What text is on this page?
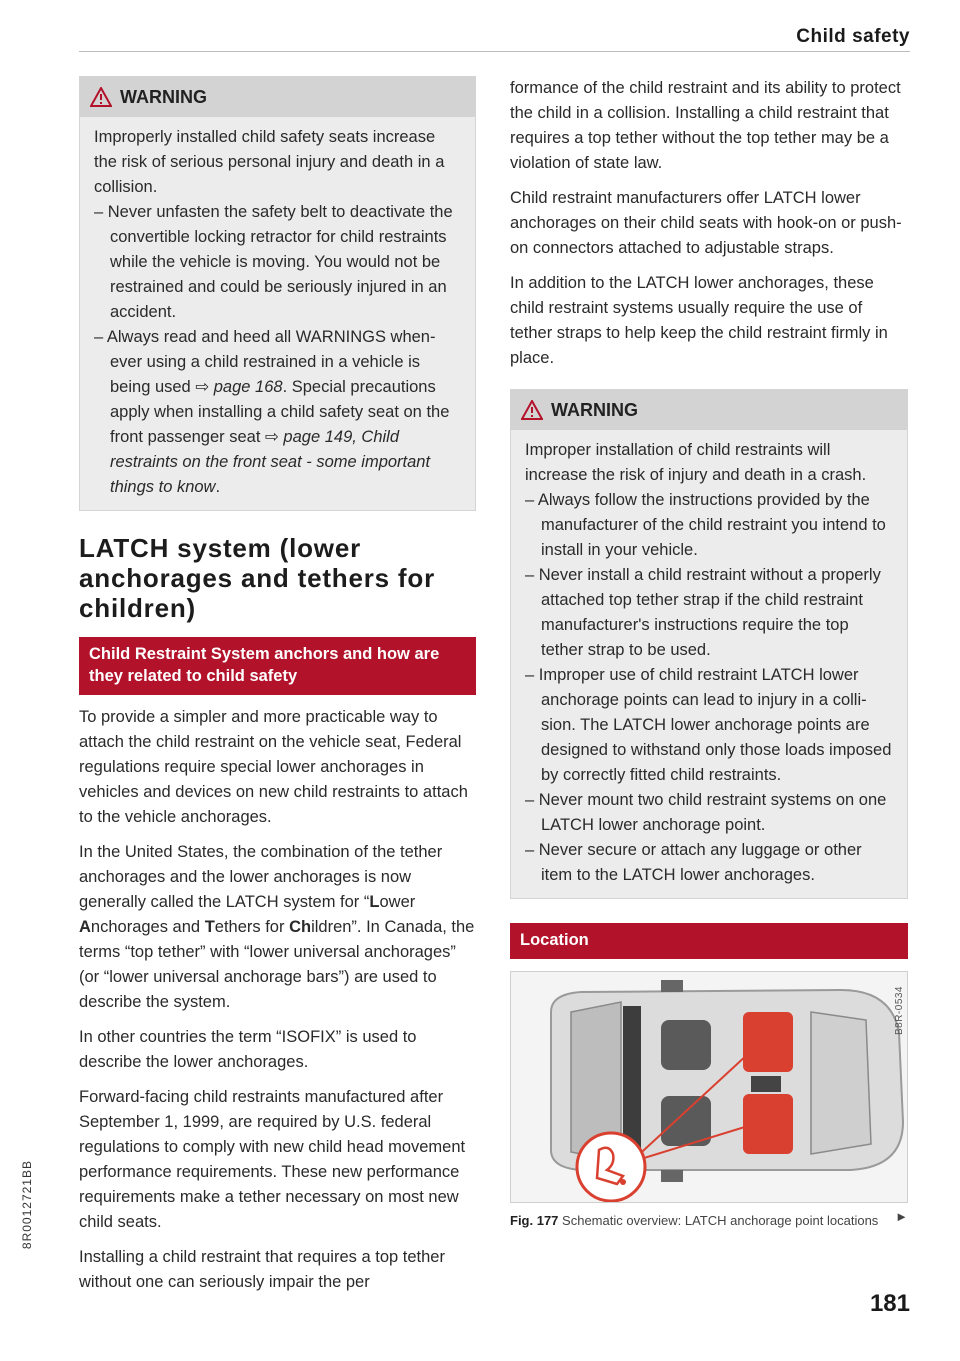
Child safety
WARNING

Improperly installed child safety seats increase the risk of serious personal injury and death in a collision.

– Never unfasten the safety belt to deactivate the convertible locking retractor for child restraints while the vehicle is moving. You would not be restrained and could be seriously injured in an accident.
– Always read and heed all WARNINGS whenever using a child restrained in a vehicle is being used ⇨ page 168. Special precautions apply when installing a child safety seat on the front passenger seat ⇨ page 149, Child restraints on the front seat - some important things to know.
LATCH system (lower anchorages and tethers for children)
Child Restraint System anchors and how are they related to child safety

To provide a simpler and more practicable way to attach the child restraint on the vehicle seat, Federal regulations require special lower anchorages in vehicles and devices on new child restraints to attach to the vehicle anchorages.

In the United States, the combination of the tether anchorages and the lower anchorages is now generally called the LATCH system for “Lower Anchorages and Tethers for Children”. In Canada, the terms “top tether” with “lower universal anchorages” (or “lower universal anchorage bars”) are used to describe the system.

In other countries the term “ISOFIX” is used to describe the lower anchorages.

Forward-facing child restraints manufactured after September 1, 1999, are required by U.S. federal regulations to comply with new child head movement performance requirements. These new performance requirements make a tether necessary on most new child seats.

Installing a child restraint that requires a top tether without one can seriously impair the per

formance of the child restraint and its ability to protect the child in a collision. Installing a child restraint that requires a top tether without the top tether may be a violation of state law.

Child restraint manufacturers offer LATCH lower anchorages on their child seats with hook-on or push-on connectors attached to adjustable straps.

In addition to the LATCH lower anchorages, these child restraint systems usually require the use of tether straps to help keep the child restraint firmly in place.

WARNING

Improper installation of child restraints will increase the risk of injury and death in a crash.

– Always follow the instructions provided by the manufacturer of the child restraint you intend to install in your vehicle.
– Never install a child restraint without a properly attached top tether strap if the child restraint manufacturer's instructions require the top tether strap to be used.
– Improper use of child restraint LATCH lower anchorage points can lead to injury in a collision. The LATCH lower anchorage points are designed to withstand only those loads imposed by correctly fitted child restraints.
– Never mount two child restraint systems on one LATCH lower anchorage point.
– Never secure or attach any luggage or other item to the LATCH lower anchorages.
Location
B8R-0534
Fig. 177 Schematic overview: LATCH anchorage point locations ►
8R0012721BB
181
